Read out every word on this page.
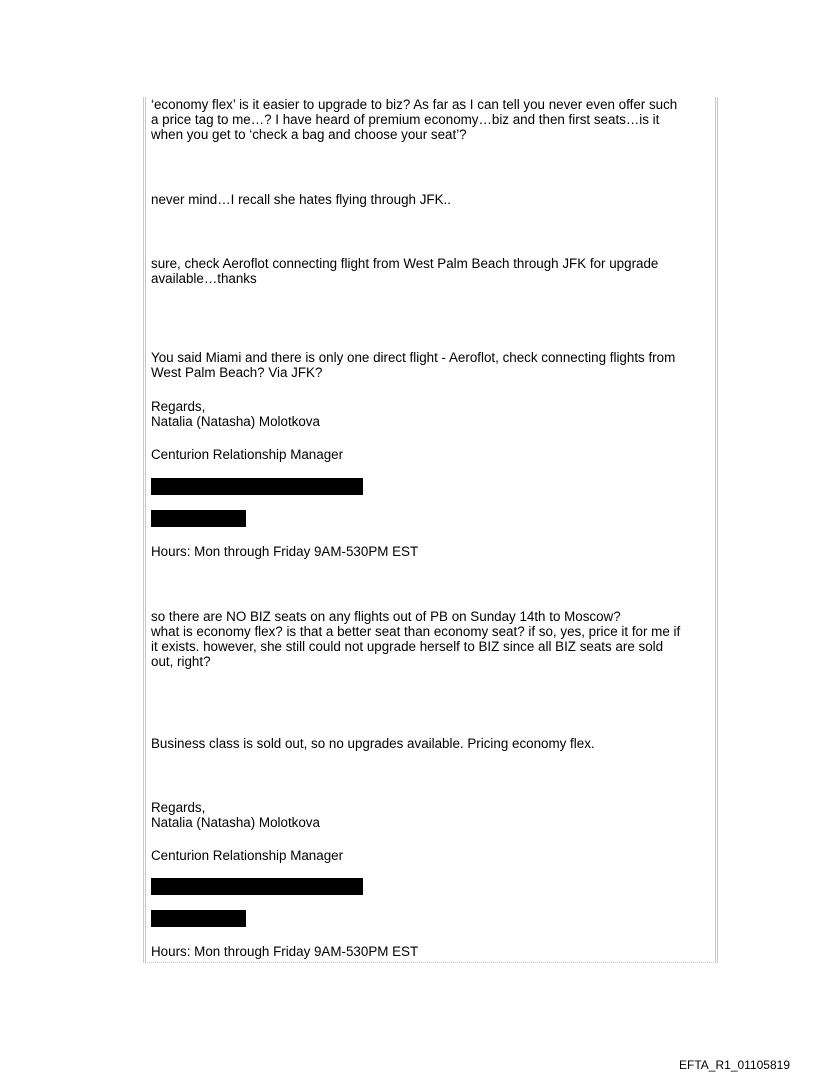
‘economy flex’ is it easier to upgrade to biz? As far as I can tell you never even offer such
a price tag to me…? I have heard of premium economy…biz and then first seats…is it
when you get to ‘check a bag and choose your seat’?

never mind…I recall she hates flying through JFK..

sure, check Aeroflot connecting flight from West Palm Beach through JFK for upgrade
available…thanks

You said Miami and there is only one direct flight - Aeroflot, check connecting flights from
West Palm Beach? Via JFK?

Regards,
Natalia (Natasha) Molotkova

Centurion Relationship Manager

Hours: Mon through Friday 9AM-530PM EST

so there are NO BIZ seats on any flights out of PB on Sunday 14th to Moscow?
what is economy flex? is that a better seat than economy seat? if so, yes, price it for me if
it exists. however, she still could not upgrade herself to BIZ since all BIZ seats are sold
out, right?

Business class is sold out, so no upgrades available. Pricing economy flex.

Regards,
Natalia (Natasha) Molotkova

Centurion Relationship Manager

Hours: Mon through Friday 9AM-530PM EST

EFTA_R1_01105819
